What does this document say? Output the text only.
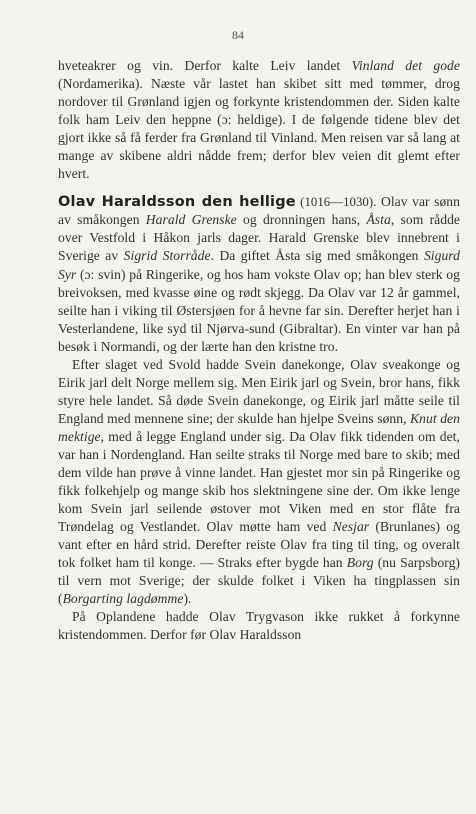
84

hveteakrer og vin. Derfor kalte Leiv landet Vinland det gode (Nordamerika). Næste vår lastet han skibet sitt med tømmer, drog nordover til Grønland igjen og forkynte kristendommen der. Siden kalte folk ham Leiv den heppne (ɔ: heldige). I de følgende tidene blev det gjort ikke så få ferder fra Grønland til Vinland. Men reisen var så lang at mange av skibene aldri nådde frem; derfor blev veien dit glemt efter hvert.

Olav Haraldsson den hellige (1016—1030). Olav var sønn av småkongen Harald Grenske og dronningen hans, Åsta, som rådde over Vestfold i Håkon jarls dager. Harald Grenske blev innebrent i Sverige av Sigrid Storråde. Da giftet Åsta sig med småkongen Sigurd Syr (ɔ: svin) på Ringerike, og hos ham vokste Olav op; han blev sterk og breivoksen, med kvasse øine og rødt skjegg. Da Olav var 12 år gammel, seilte han i viking til Østersjøen for å hevne far sin. Derefter herjet han i Vesterlandene, like syd til Njørva-sund (Gibraltar). En vinter var han på besøk i Normandi, og der lærte han den kristne tro.

Efter slaget ved Svold hadde Svein danekonge, Olav sveakonge og Eirik jarl delt Norge mellem sig. Men Eirik jarl og Svein, bror hans, fikk styre hele landet. Så døde Svein danekonge, og Eirik jarl måtte seile til England med mennene sine; der skulde han hjelpe Sveins sønn, Knut den mektige, med å legge England under sig. Da Olav fikk tidenden om det, var han i Nordengland. Han seilte straks til Norge med bare to skib; med dem vilde han prøve å vinne landet. Han gjestet mor sin på Ringerike og fikk folkehjelp og mange skib hos slektningene sine der. Om ikke lenge kom Svein jarl seilende østover mot Viken med en stor flåte fra Trøndelag og Vestlandet. Olav møtte ham ved Nesjar (Brunlanes) og vant efter en hård strid. Derefter reiste Olav fra ting til ting, og overalt tok folket ham til konge. — Straks efter bygde han Borg (nu Sarpsborg) til vern mot Sverige; der skulde folket i Viken ha tingplassen sin (Borgarting lagdømme).

På Oplandene hadde Olav Trygvason ikke rukket å forkynne kristendommen. Derfor før Olav Haraldsson
